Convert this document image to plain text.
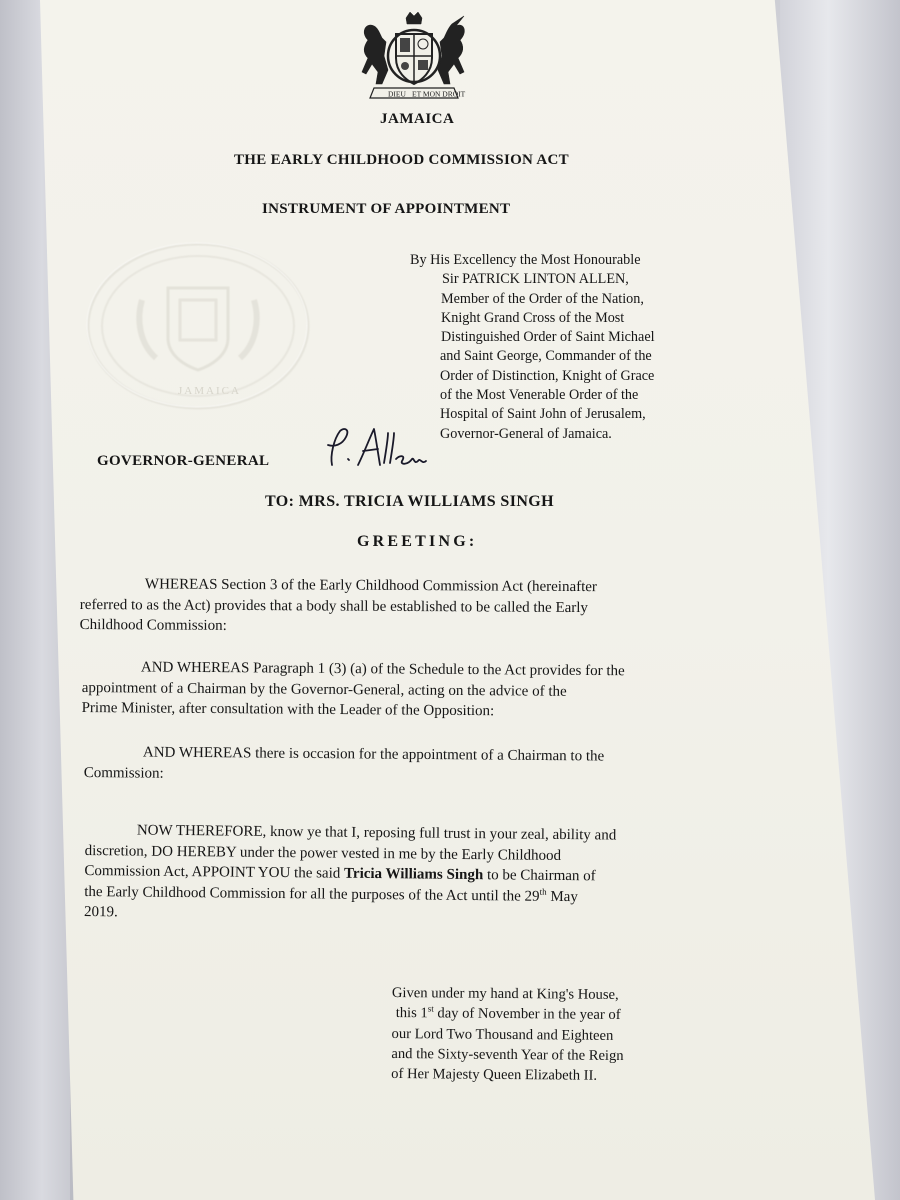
DIEU ET MON DROIT
JAMAICA
THE EARLY CHILDHOOD COMMISSION ACT
INSTRUMENT OF APPOINTMENT
JAMAICA
By His Excellency the Most Honourable
Sir PATRICK LINTON ALLEN,
Member of the Order of the Nation,
Knight Grand Cross of the Most
Distinguished Order of Saint Michael
and Saint George, Commander of the
Order of Distinction, Knight of Grace
of the Most Venerable Order of the
Hospital of Saint John of Jerusalem,
Governor-General of Jamaica.
GOVERNOR-GENERAL
TO: MRS. TRICIA WILLIAMS SINGH
GREETING:
WHEREAS Section 3 of the Early Childhood Commission Act (hereinafter
referred to as the Act) provides that a body shall be established to be called the Early
Childhood Commission:
AND WHEREAS Paragraph 1 (3) (a) of the Schedule to the Act provides for the
appointment of a Chairman by the Governor-General, acting on the advice of the
Prime Minister, after consultation with the Leader of the Opposition:
AND WHEREAS there is occasion for the appointment of a Chairman to the
Commission:
NOW THEREFORE, know ye that I, reposing full trust in your zeal, ability and
discretion, DO HEREBY under the power vested in me by the Early Childhood
Commission Act, APPOINT YOU the said Tricia Williams Singh to be Chairman of
the Early Childhood Commission for all the purposes of the Act until the 29th May
2019.
Given under my hand at King's House,
this 1st day of November in the year of
our Lord Two Thousand and Eighteen
and the Sixty-seventh Year of the Reign
of Her Majesty Queen Elizabeth II.
